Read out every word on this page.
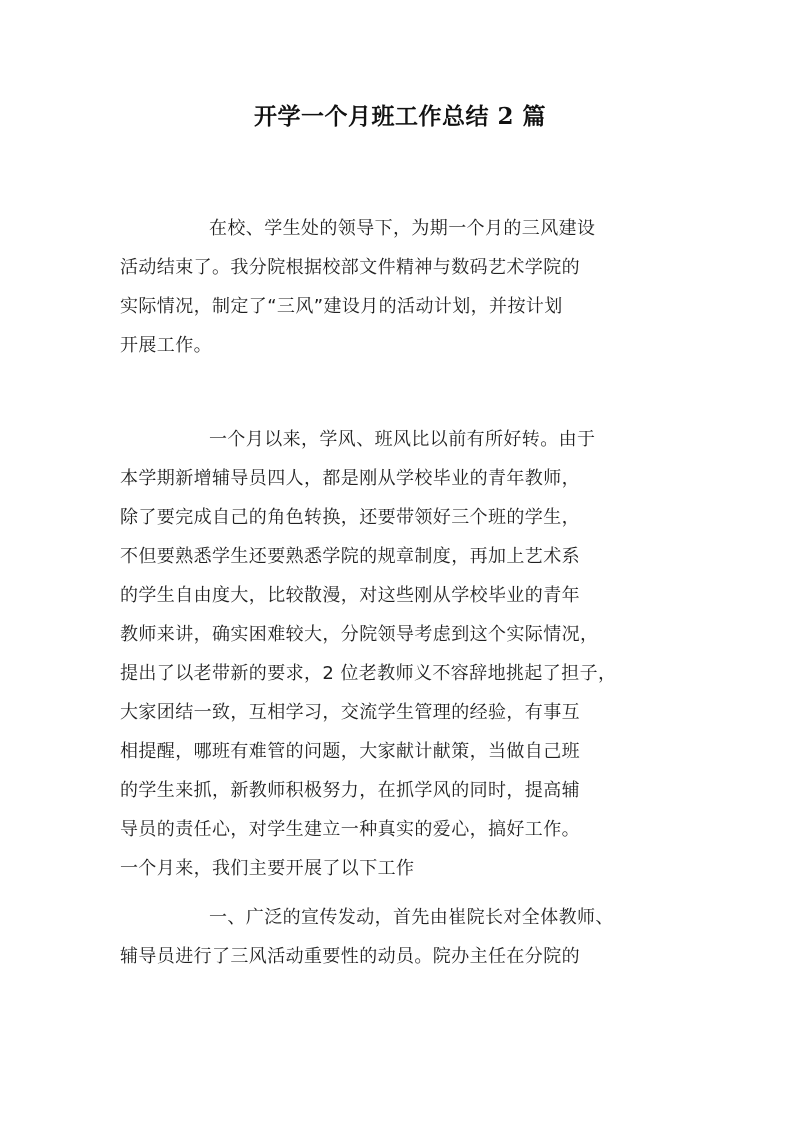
开学一个月班工作总结 2 篇
在校、学生处的领导下，为期一个月的三风建设
活动结束了。我分院根据校部文件精神与数码艺术学院的
实际情况，制定了“三风”建设月的活动计划，并按计划
开展工作。
一个月以来，学风、班风比以前有所好转。由于
本学期新增辅导员四人，都是刚从学校毕业的青年教师，
除了要完成自己的角色转换，还要带领好三个班的学生，
不但要熟悉学生还要熟悉学院的规章制度，再加上艺术系
的学生自由度大，比较散漫，对这些刚从学校毕业的青年
教师来讲，确实困难较大，分院领导考虑到这个实际情况，
提出了以老带新的要求，2 位老教师义不容辞地挑起了担子，
大家团结一致，互相学习，交流学生管理的经验，有事互
相提醒，哪班有难管的问题，大家献计献策，当做自己班
的学生来抓，新教师积极努力，在抓学风的同时，提高辅
导员的责任心，对学生建立一种真实的爱心，搞好工作。
一个月来，我们主要开展了以下工作
一、广泛的宣传发动，首先由崔院长对全体教师、
辅导员进行了三风活动重要性的动员。院办主任在分院的
